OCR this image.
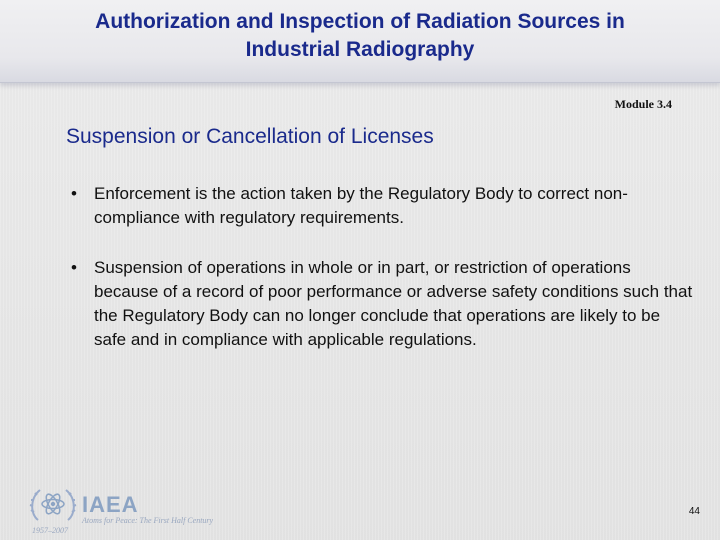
Authorization and Inspection of Radiation Sources in
Industrial Radiography
Module 3.4
Suspension or Cancellation of Licenses
• Enforcement is the action taken by the Regulatory Body to correct non-compliance with regulatory requirements.
• Suspension of operations in whole or in part, or restriction of operations because of a record of poor performance or adverse safety conditions such that the Regulatory Body can no longer conclude that operations are likely to be safe and in compliance with applicable regulations.
IAEA
Atoms for Peace: The First Half Century
1957–2007
44
